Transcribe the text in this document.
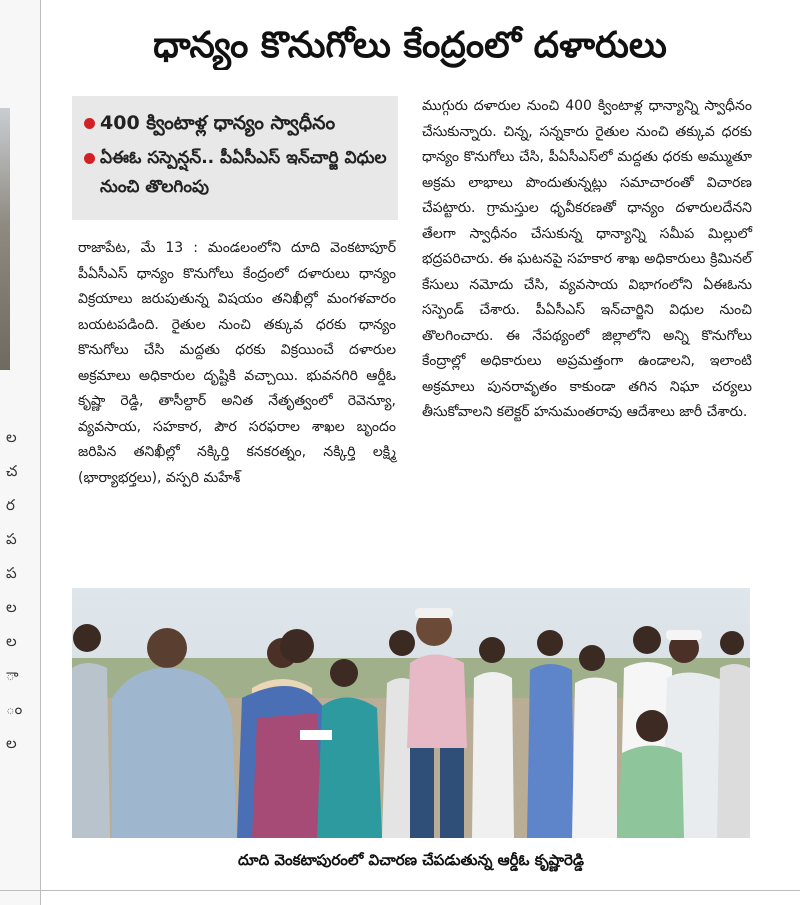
ల
చ
ర
ప
ప
ల
ల
ా
ం
ల
ధాన్యం కొనుగోలు కేంద్రంలో దళారులు
400 క్వింటాళ్ల ధాన్యం స్వాధీనం
ఏఈఓ సస్పెన్షన్.. పీఏసీఎస్ ఇన్‌చార్జి విధుల నుంచి తొలగింపు

రాజాపేట, మే 13 : మండలంలోని దూది వెంకటాపూర్ పీఏసీఎస్ ధాన్యం కొనుగోలు కేంద్రంలో దళారులు ధాన్యం విక్రయాలు జరుపుతున్న విషయం తనిఖీల్లో మంగళవారం బయటపడింది. రైతుల నుంచి తక్కువ ధరకు ధాన్యం కొనుగోలు చేసి మద్దతు ధరకు విక్రయించే దళారుల అక్రమాలు అధికారుల దృష్టికి వచ్చాయి. భువనగిరి ఆర్డీఓ కృష్ణా రెడ్డి, తాసీల్దార్ అనిత నేతృత్వంలో రెవెన్యూ, వ్యవసాయ, సహకార, పౌర సరఫరాల శాఖల బృందం జరిపిన తనిఖీల్లో నక్కిర్తి కనకరత్నం, నక్కిర్తి లక్ష్మి (భార్యాభర్తలు), వస్పరి మహేశ్

ముగ్గురు దళారుల నుంచి 400 క్వింటాళ్ల ధాన్యాన్ని స్వాధీనం చేసుకున్నారు. చిన్న, సన్నకారు రైతుల నుంచి తక్కువ ధరకు ధాన్యం కొనుగోలు చేసి, పీఏసీఎస్‌లో మద్దతు ధరకు అమ్ముతూ అక్రమ లాభాలు పొందుతున్నట్లు సమాచారంతో విచారణ చేపట్టారు. గ్రామస్తుల ధృవీకరణతో ధాన్యం దళారులదేనని తేలగా స్వాధీనం చేసుకున్న ధాన్యాన్ని సమీప మిల్లులో భద్రపరిచారు. ఈ ఘటనపై సహకార శాఖ అధికారులు క్రిమినల్ కేసులు నమోదు చేసి, వ్యవసాయ విభాగంలోని ఏఈఓను సస్పెండ్ చేశారు. పీఏసీఎస్ ఇన్‌చార్జిని విధుల నుంచి తొలగించారు. ఈ నేపథ్యంలో జిల్లాలోని అన్ని కొనుగోలు కేంద్రాల్లో అధికారులు అప్రమత్తంగా ఉండాలని, ఇలాంటి అక్రమాలు పునరావృతం కాకుండా తగిన నిఘా చర్యలు తీసుకోవాలని కలెక్టర్ హనుమంతరావు ఆదేశాలు జారీ చేశారు.

దూది వెంకటాపురంలో విచారణ చేపడుతున్న ఆర్డీఓ కృష్ణారెడ్డి
